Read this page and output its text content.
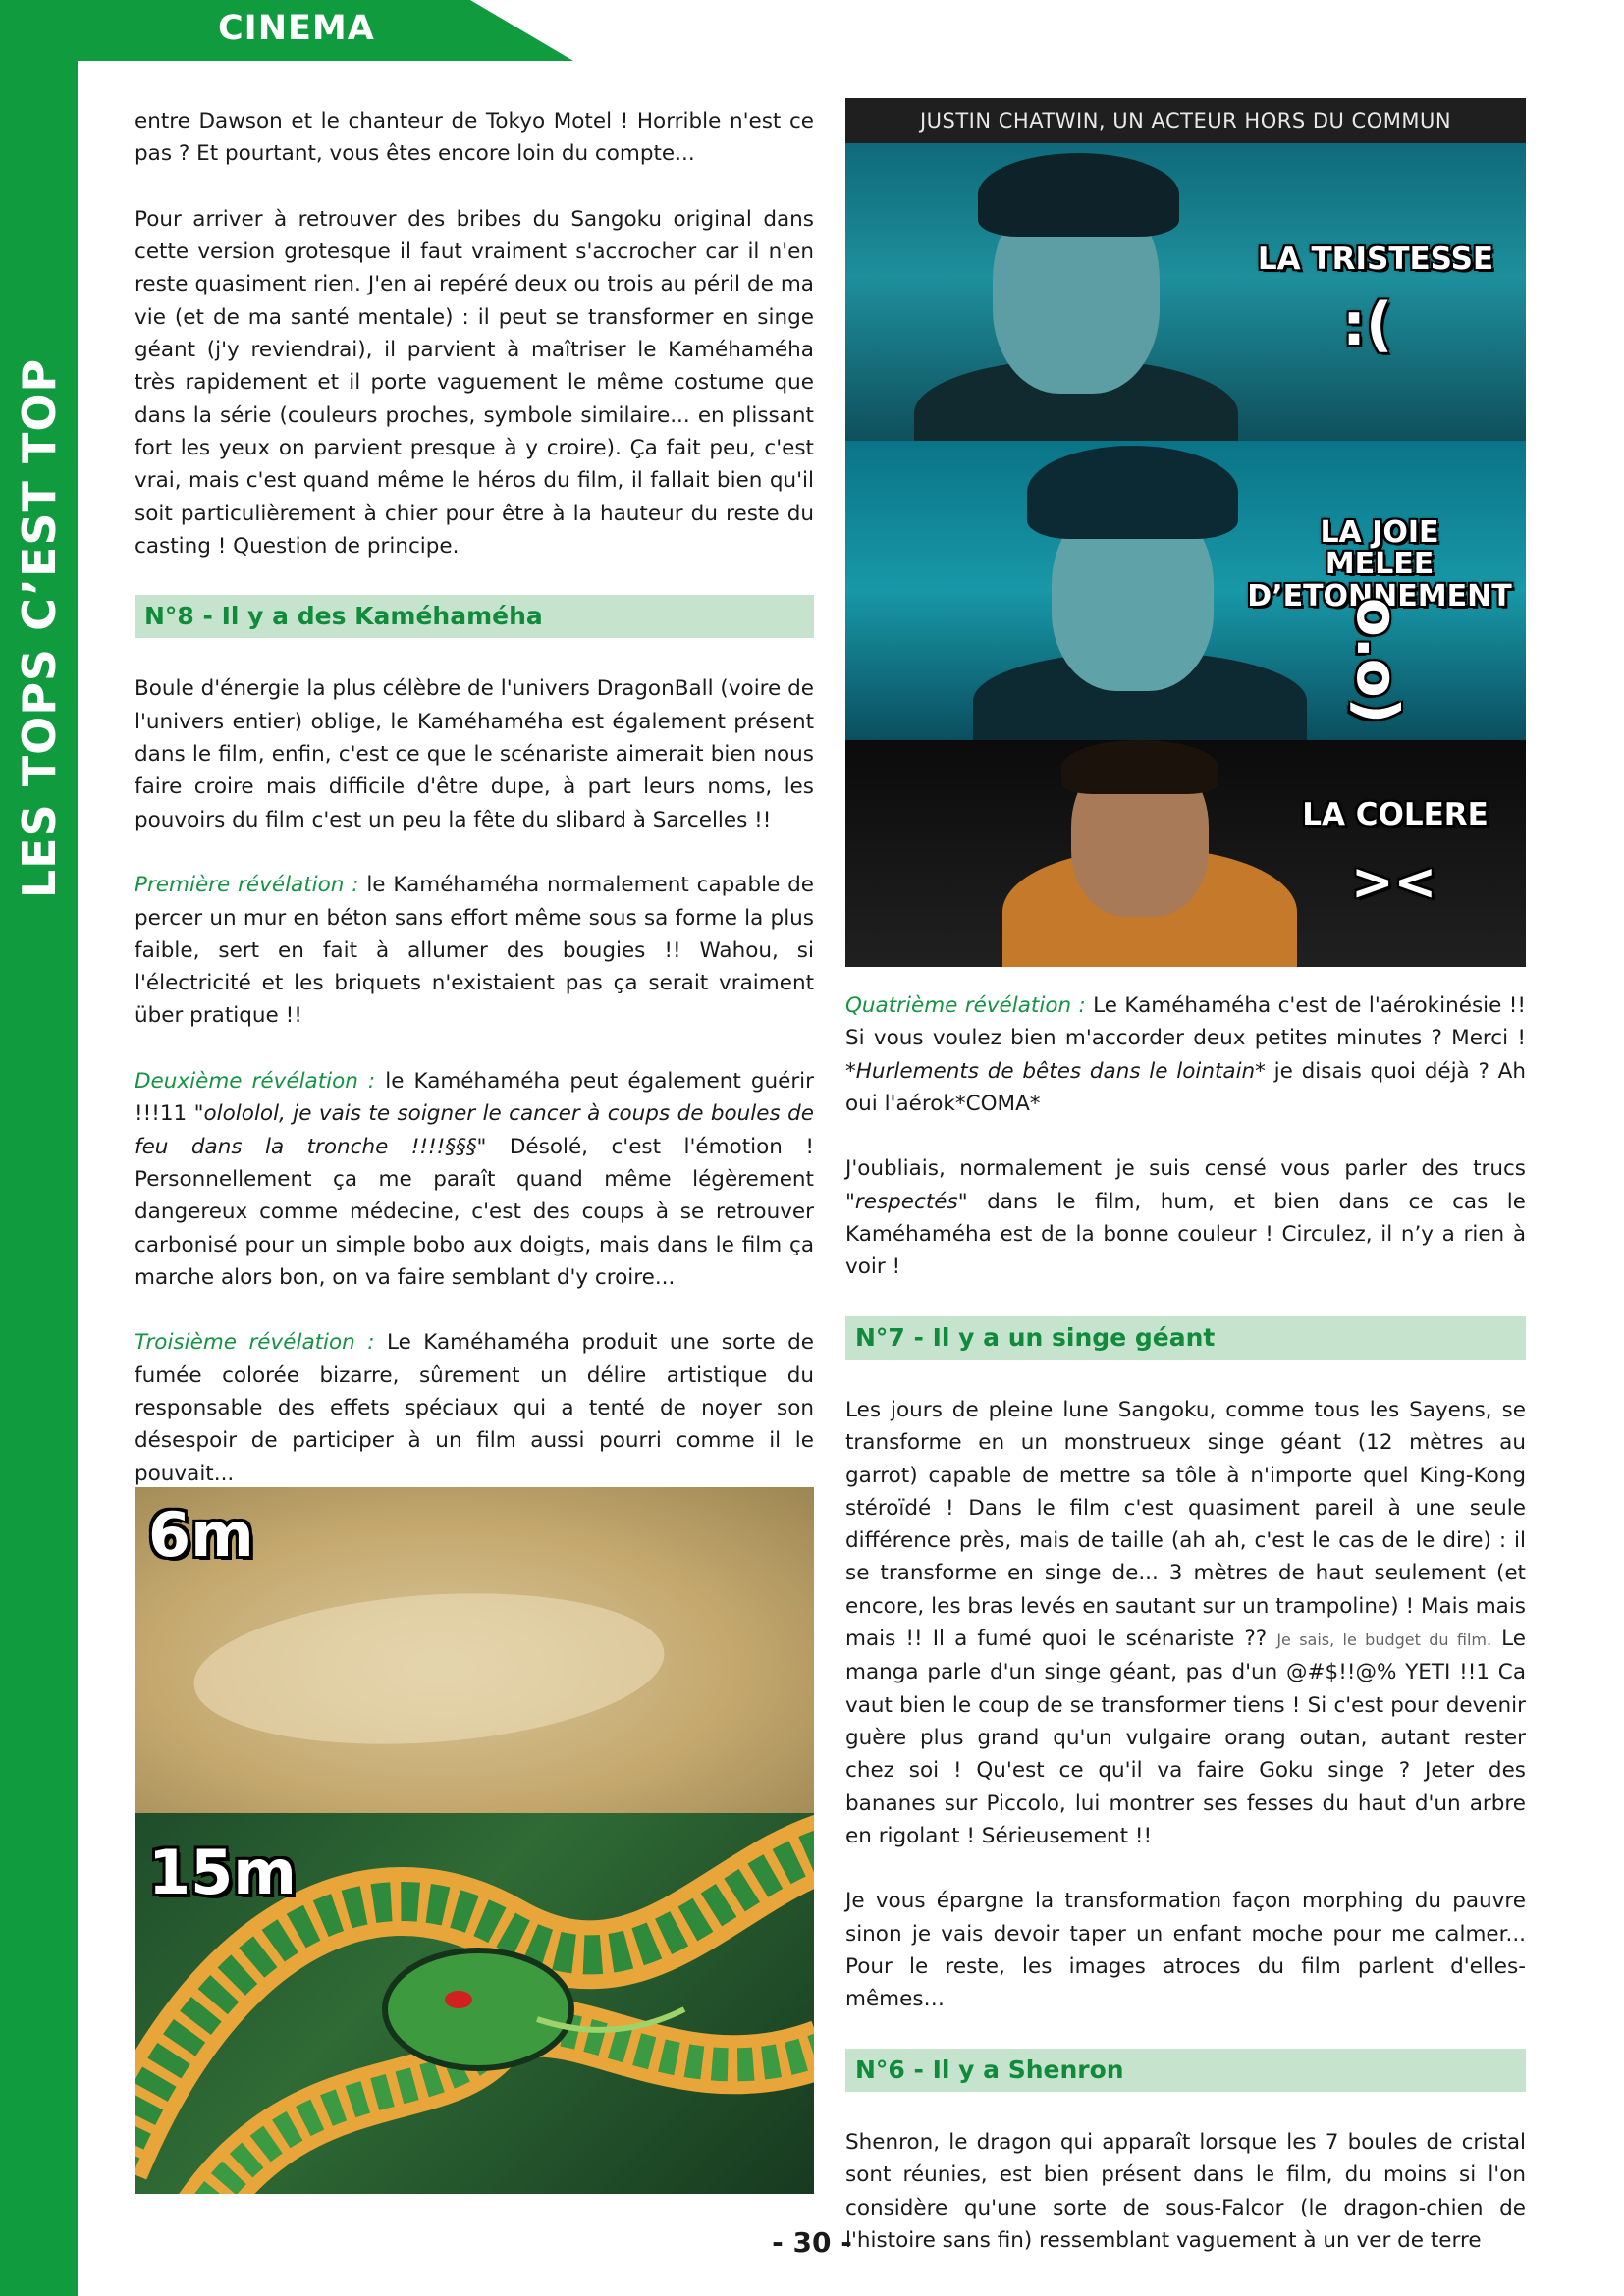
LES TOPS C’EST TOP
CINEMA

entre Dawson et le chanteur de Tokyo Motel ! Horrible n'est ce pas ? Et pourtant, vous êtes encore loin du compte...

Pour arriver à retrouver des bribes du Sangoku original dans cette version grotesque il faut vraiment s'accrocher car il n'en reste quasiment rien. J'en ai repéré deux ou trois au péril de ma vie (et de ma santé mentale) : il peut se transformer en singe géant (j'y reviendrai), il parvient à maîtriser le Kaméhaméha très rapidement et il porte vaguement le même costume que dans la série (couleurs proches, symbole similaire... en plissant fort les yeux on parvient presque à y croire). Ça fait peu, c'est vrai, mais c'est quand même le héros du film, il fallait bien qu'il soit particulièrement à chier pour être à la hauteur du reste du casting ! Question de principe.

N°8 - Il y a des Kaméhaméha

Boule d'énergie la plus célèbre de l'univers DragonBall (voire de l'univers entier) oblige, le Kaméhaméha est également présent dans le film, enfin, c'est ce que le scénariste aimerait bien nous faire croire mais difficile d'être dupe, à part leurs noms, les pouvoirs du film c'est un peu la fête du slibard à Sarcelles !!

Première révélation : le Kaméhaméha normalement capable de percer un mur en béton sans effort même sous sa forme la plus faible, sert en fait à allumer des bougies !! Wahou, si l'électricité et les briquets n'existaient pas ça serait vraiment über pratique !!

Deuxième révélation : le Kaméhaméha peut également guérir !!!11 "olololol, je vais te soigner le cancer à coups de boules de feu dans la tronche !!!!§§§" Désolé, c'est l'émotion ! Personnellement ça me paraît quand même légèrement dangereux comme médecine, c'est des coups à se retrouver carbonisé pour un simple bobo aux doigts, mais dans le film ça marche alors bon, on va faire semblant d'y croire...

Troisième révélation : Le Kaméhaméha produit une sorte de fumée colorée bizarre, sûrement un délire artistique du responsable des effets spéciaux qui a tenté de noyer son désespoir de participer à un film aussi pourri comme il le pouvait...

JUSTIN CHATWIN, UN ACTEUR HORS DU COMMUN
LA TRISTESSE
:(
LA JOIE
MELEE
D’ETONNEMENT
o.o)
LA COLERE
><
6m
15m

Quatrième révélation : Le Kaméhaméha c'est de l'aérokinésie !! Si vous voulez bien m'accorder deux petites minutes ? Merci ! *Hurlements de bêtes dans le lointain* je disais quoi déjà ? Ah oui l'aérok*COMA*

J'oubliais, normalement je suis censé vous parler des trucs "respectés" dans le film, hum, et bien dans ce cas le Kaméhaméha est de la bonne couleur ! Circulez, il n’y a rien à voir !

N°7 - Il y a un singe géant

Les jours de pleine lune Sangoku, comme tous les Sayens, se transforme en un monstrueux singe géant (12 mètres au garrot) capable de mettre sa tôle à n'importe quel King-Kong stéroïdé ! Dans le film c'est quasiment pareil à une seule différence près, mais de taille (ah ah, c'est le cas de le dire) : il se transforme en singe de... 3 mètres de haut seulement (et encore, les bras levés en sautant sur un trampoline) ! Mais mais mais !! Il a fumé quoi le scénariste ?? Je sais, le budget du film. Le manga parle d'un singe géant, pas d'un @#$!!@% YETI !!1 Ca vaut bien le coup de se transformer tiens ! Si c'est pour devenir guère plus grand qu'un vulgaire orang outan, autant rester chez soi ! Qu'est ce qu'il va faire Goku singe ? Jeter des bananes sur Piccolo, lui montrer ses fesses du haut d'un arbre en rigolant ! Sérieusement !!

Je vous épargne la transformation façon morphing du pauvre sinon je vais devoir taper un enfant moche pour me calmer... Pour le reste, les images atroces du film parlent d'elles-mêmes…

N°6 - Il y a Shenron

Shenron, le dragon qui apparaît lorsque les 7 boules de cristal sont réunies, est bien présent dans le film, du moins si l'on considère qu'une sorte de sous-Falcor (le dragon-chien de l'histoire sans fin) ressemblant vaguement à un ver de terre

- 30 -
